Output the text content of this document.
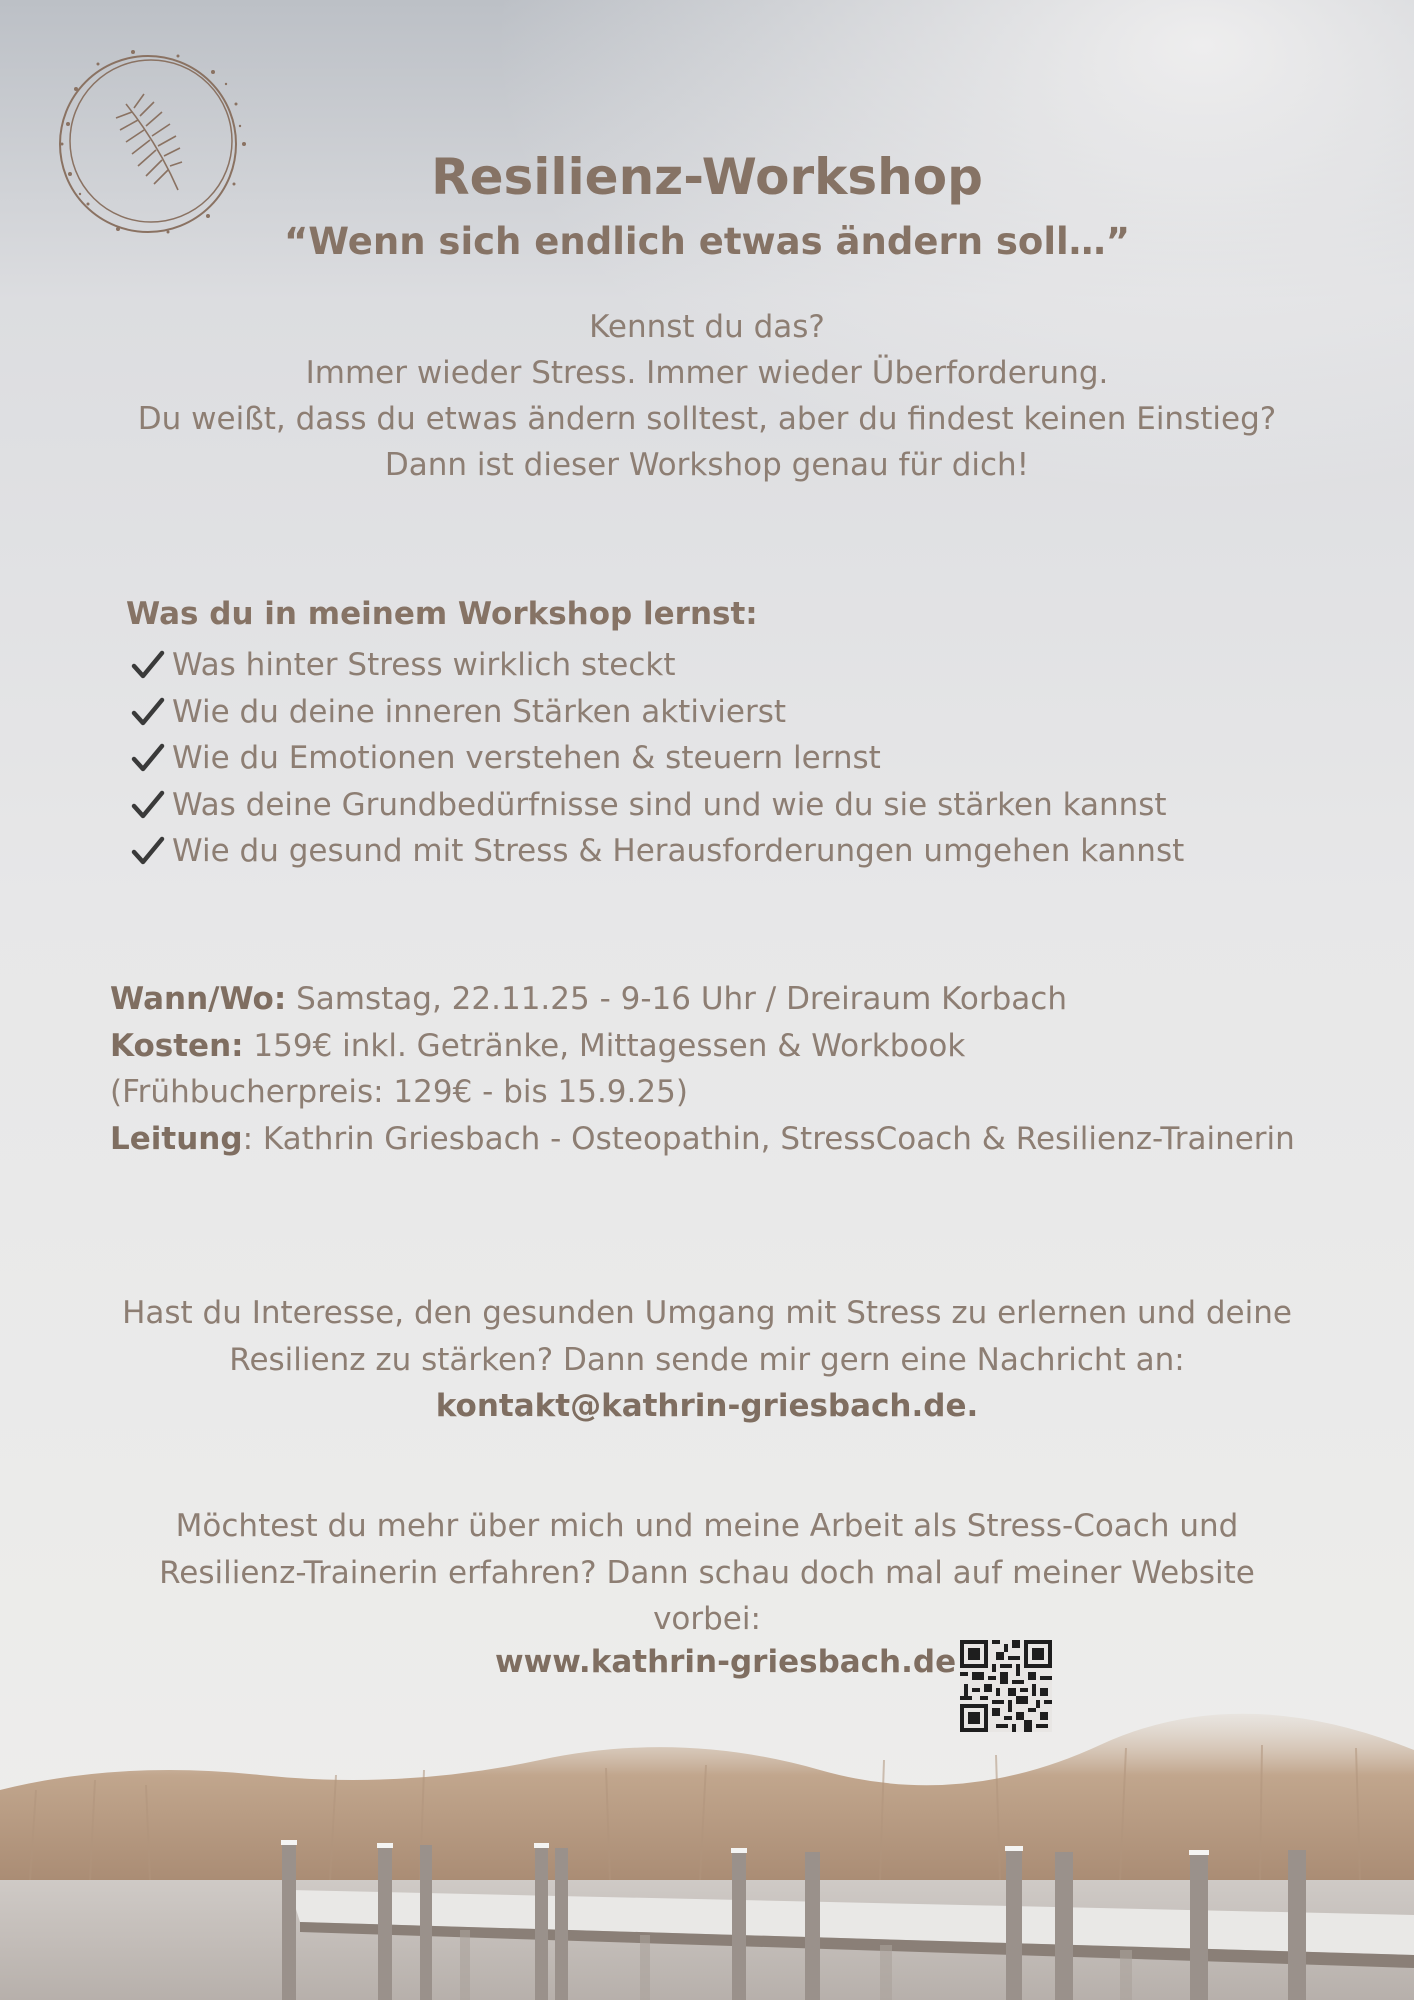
Resilienz-Workshop
“Wenn sich endlich etwas ändern soll…”
Kennst du das?
Immer wieder Stress. Immer wieder Überforderung.
Du weißt, dass du etwas ändern solltest, aber du findest keinen Einstieg?
Dann ist dieser Workshop genau für dich!
Was du in meinem Workshop lernst:
Was hinter Stress wirklich steckt
Wie du deine inneren Stärken aktivierst
Wie du Emotionen verstehen & steuern lernst
Was deine Grundbedürfnisse sind und wie du sie stärken kannst
Wie du gesund mit Stress & Herausforderungen umgehen kannst
Wann/Wo: Samstag, 22.11.25 - 9-16 Uhr / Dreiraum Korbach
Kosten: 159€ inkl. Getränke, Mittagessen & Workbook
(Frühbucherpreis: 129€ - bis 15.9.25)
Leitung: Kathrin Griesbach - Osteopathin, StressCoach & Resilienz-Trainerin
Hast du Interesse, den gesunden Umgang mit Stress zu erlernen und deine
Resilienz zu stärken? Dann sende mir gern eine Nachricht an:
kontakt@kathrin-griesbach.de.
Möchtest du mehr über mich und meine Arbeit als Stress-Coach und
Resilienz-Trainerin erfahren? Dann schau doch mal auf meiner Website
vorbei:
www.kathrin-griesbach.de
